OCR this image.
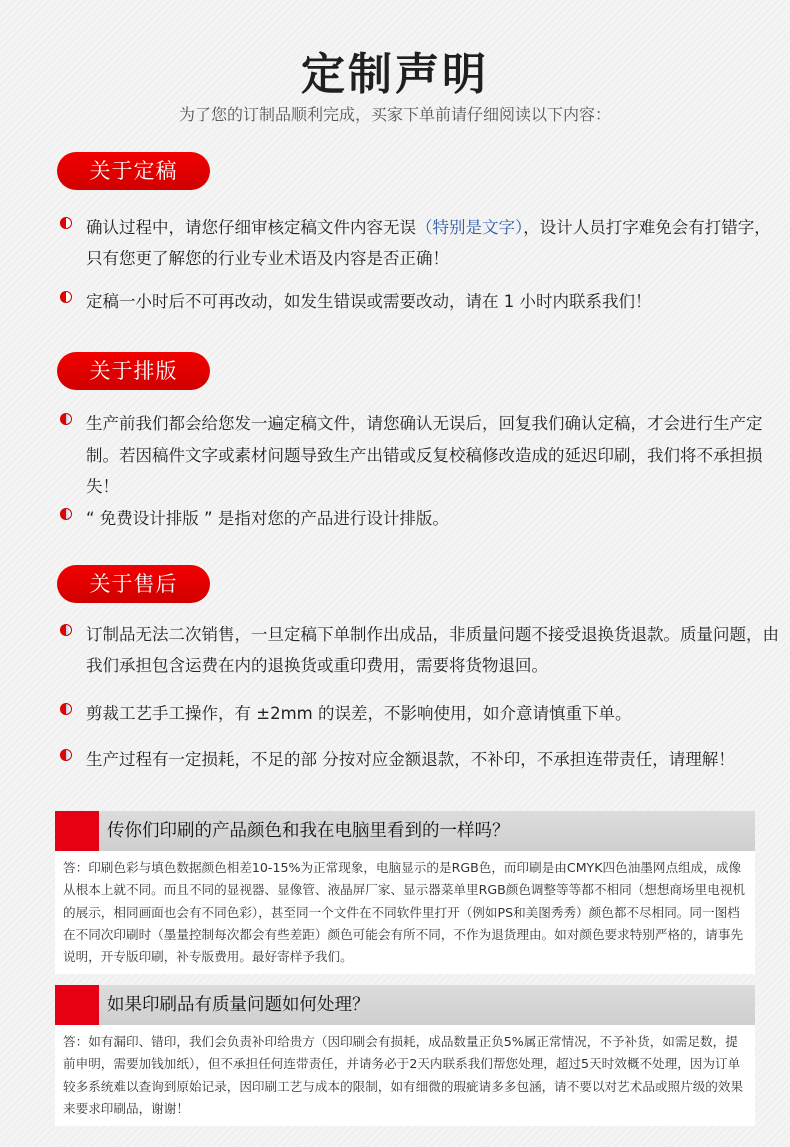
定制声明
为了您的订制品顺利完成，买家下单前请仔细阅读以下内容：
关于定稿
确认过程中，请您仔细审核定稿文件内容无误（特别是文字），设计人员打字难免会有打错字，只有您更了解您的行业专业术语及内容是否正确！
定稿一小时后不可再改动，如发生错误或需要改动，请在 1 小时内联系我们！
关于排版
生产前我们都会给您发一遍定稿文件，请您确认无误后，回复我们确认定稿，才会进行生产定制。若因稿件文字或素材问题导致生产出错或反复校稿修改造成的延迟印刷，我们将不承担损失！
“ 免费设计排版 ” 是指对您的产品进行设计排版。
关于售后
订制品无法二次销售，一旦定稿下单制作出成品，非质量问题不接受退换货退款。质量问题，由我们承担包含运费在内的退换货或重印费用，需要将货物退回。
剪裁工艺手工操作，有 ±2mm 的误差，不影响使用，如介意请慎重下单。
生产过程有一定损耗，不足的部 分按对应金额退款，不补印，不承担连带责任，请理解！
传你们印刷的产品颜色和我在电脑里看到的一样吗？
答：印刷色彩与填色数据颜色相差10-15%为正常现象，电脑显示的是RGB色，而印刷是由CMYK四色油墨网点组成，成像从根本上就不同。而且不同的显视器、显像管、液晶屏厂家、显示器菜单里RGB颜色调整等等都不相同（想想商场里电视机的展示，相同画面也会有不同色彩），甚至同一个文件在不同软件里打开（例如PS和美图秀秀）颜色都不尽相同。同一图档在不同次印刷时（墨量控制每次都会有些差距）颜色可能会有所不同，不作为退货理由。如对颜色要求特别严格的，请事先说明，开专版印刷，补专版费用。最好寄样予我们。
如果印刷品有质量问题如何处理？
答：如有漏印、错印，我们会负责补印给贵方（因印刷会有损耗，成品数量正负5%属正常情况，不予补货，如需足数，提前申明，需要加钱加纸），但不承担任何连带责任，并请务必于2天内联系我们帮您处理，超过5天时效概不处理，因为订单较多系统难以查询到原始记录，因印刷工艺与成本的限制，如有细微的瑕疵请多多包涵，请不要以对艺术品或照片级的效果来要求印刷品，谢谢！
